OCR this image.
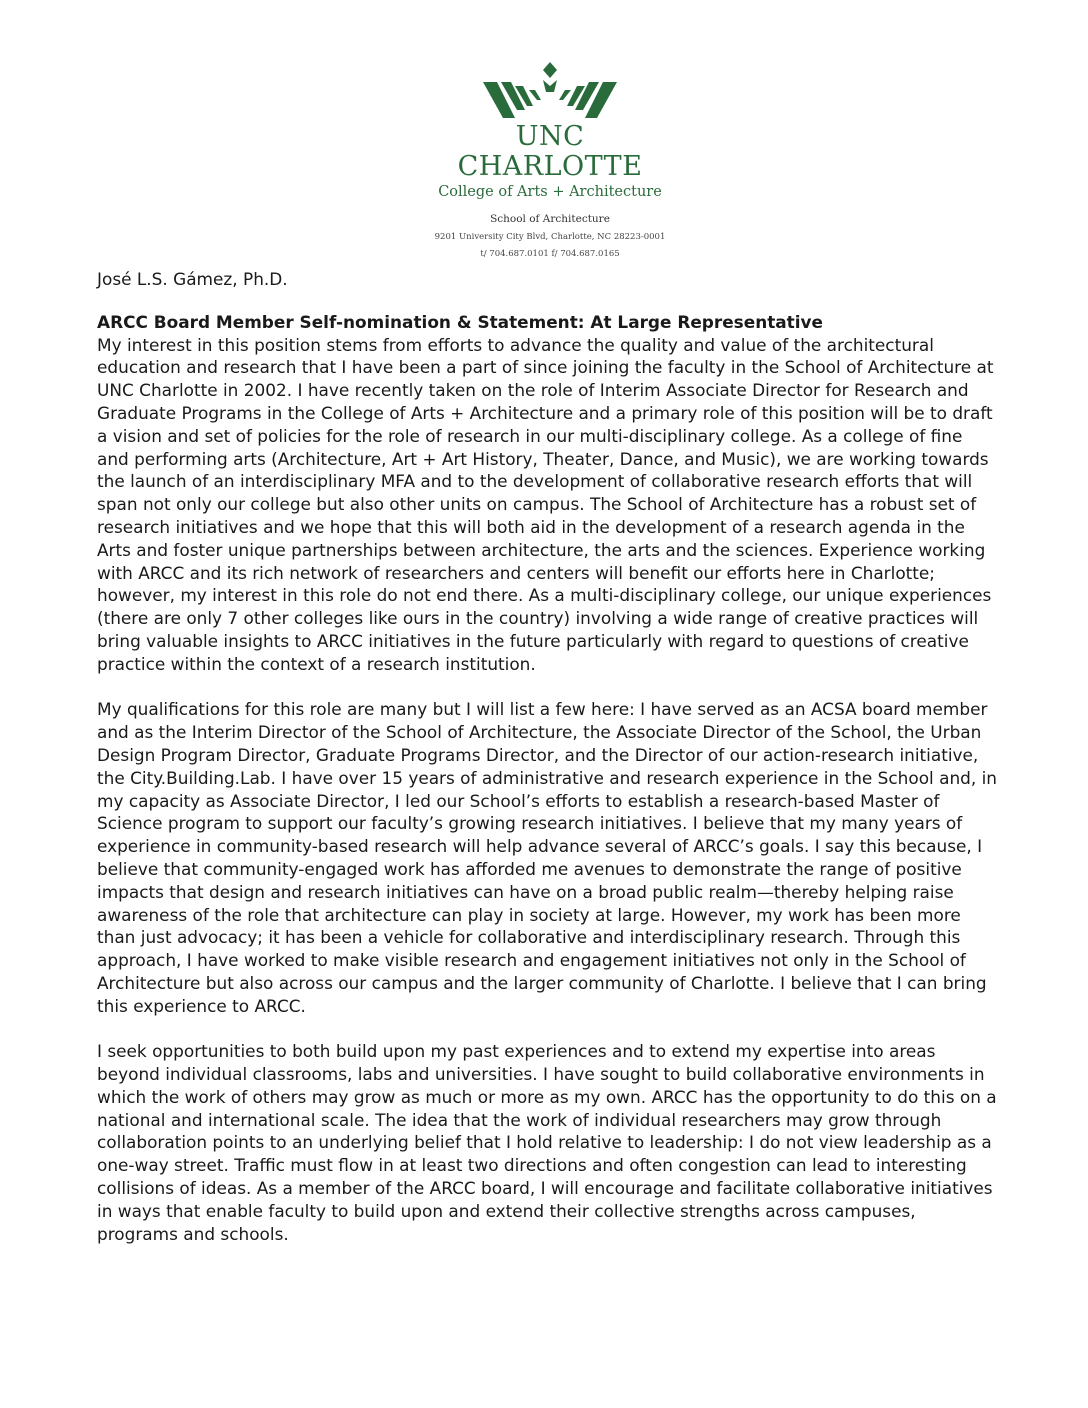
UNC CHARLOTTE
College of Arts + Architecture
School of Architecture
9201 University City Blvd, Charlotte, NC 28223-0001
t/ 704.687.0101 f/ 704.687.0165

José L.S. Gámez, Ph.D.

ARCC Board Member Self-nomination & Statement: At Large Representative

My interest in this position stems from efforts to advance the quality and value of the architectural education and research that I have been a part of since joining the faculty in the School of Architecture at UNC Charlotte in 2002. I have recently taken on the role of Interim Associate Director for Research and Graduate Programs in the College of Arts + Architecture and a primary role of this position will be to draft a vision and set of policies for the role of research in our multi-disciplinary college. As a college of fine and performing arts (Architecture, Art + Art History, Theater, Dance, and Music), we are working towards the launch of an interdisciplinary MFA and to the development of collaborative research efforts that will span not only our college but also other units on campus. The School of Architecture has a robust set of research initiatives and we hope that this will both aid in the development of a research agenda in the Arts and foster unique partnerships between architecture, the arts and the sciences. Experience working with ARCC and its rich network of researchers and centers will benefit our efforts here in Charlotte; however, my interest in this role do not end there. As a multi-disciplinary college, our unique experiences (there are only 7 other colleges like ours in the country) involving a wide range of creative practices will bring valuable insights to ARCC initiatives in the future particularly with regard to questions of creative practice within the context of a research institution.

My qualifications for this role are many but I will list a few here: I have served as an ACSA board member and as the Interim Director of the School of Architecture, the Associate Director of the School, the Urban Design Program Director, Graduate Programs Director, and the Director of our action-research initiative, the City.Building.Lab. I have over 15 years of administrative and research experience in the School and, in my capacity as Associate Director, I led our School’s efforts to establish a research-based Master of Science program to support our faculty’s growing research initiatives. I believe that my many years of experience in community-based research will help advance several of ARCC’s goals. I say this because, I believe that community-engaged work has afforded me avenues to demonstrate the range of positive impacts that design and research initiatives can have on a broad public realm—thereby helping raise awareness of the role that architecture can play in society at large. However, my work has been more than just advocacy; it has been a vehicle for collaborative and interdisciplinary research. Through this approach, I have worked to make visible research and engagement initiatives not only in the School of Architecture but also across our campus and the larger community of Charlotte. I believe that I can bring this experience to ARCC.

I seek opportunities to both build upon my past experiences and to extend my expertise into areas beyond individual classrooms, labs and universities. I have sought to build collaborative environments in which the work of others may grow as much or more as my own. ARCC has the opportunity to do this on a national and international scale. The idea that the work of individual researchers may grow through collaboration points to an underlying belief that I hold relative to leadership: I do not view leadership as a one-way street. Traffic must flow in at least two directions and often congestion can lead to interesting collisions of ideas. As a member of the ARCC board, I will encourage and facilitate collaborative initiatives in ways that enable faculty to build upon and extend their collective strengths across campuses, programs and schools.
